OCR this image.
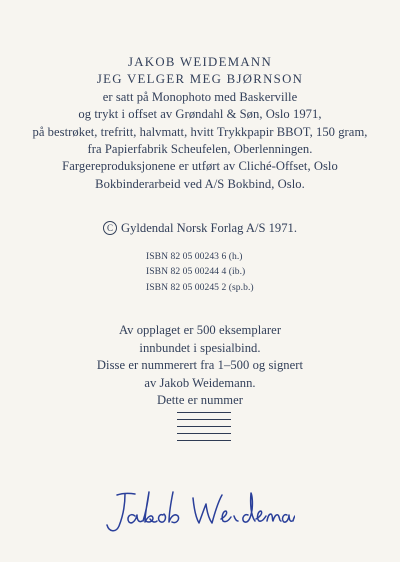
JAKOB WEIDEMANN
JEG VELGER MEG BJØRNSON
er satt på Monophoto med Baskerville
og trykt i offset av Grøndahl & Søn, Oslo 1971,
på bestrøket, trefritt, halvmatt, hvitt Trykkpapir BBOT, 150 gram,
fra Papierfabrik Scheufelen, Oberlenningen.
Fargereproduksjonene er utført av Cliché-Offset, Oslo
Bokbinderarbeid ved A/S Bokbind, Oslo.
C Gyldendal Norsk Forlag A/S 1971.
ISBN 82 05 00243 6 (h.)
ISBN 82 05 00244 4 (ib.)
ISBN 82 05 00245 2 (sp.b.)
Av opplaget er 500 eksemplarer
innbundet i spesialbind.
Disse er nummerert fra 1–500 og signert
av Jakob Weidemann.
Dette er nummer
